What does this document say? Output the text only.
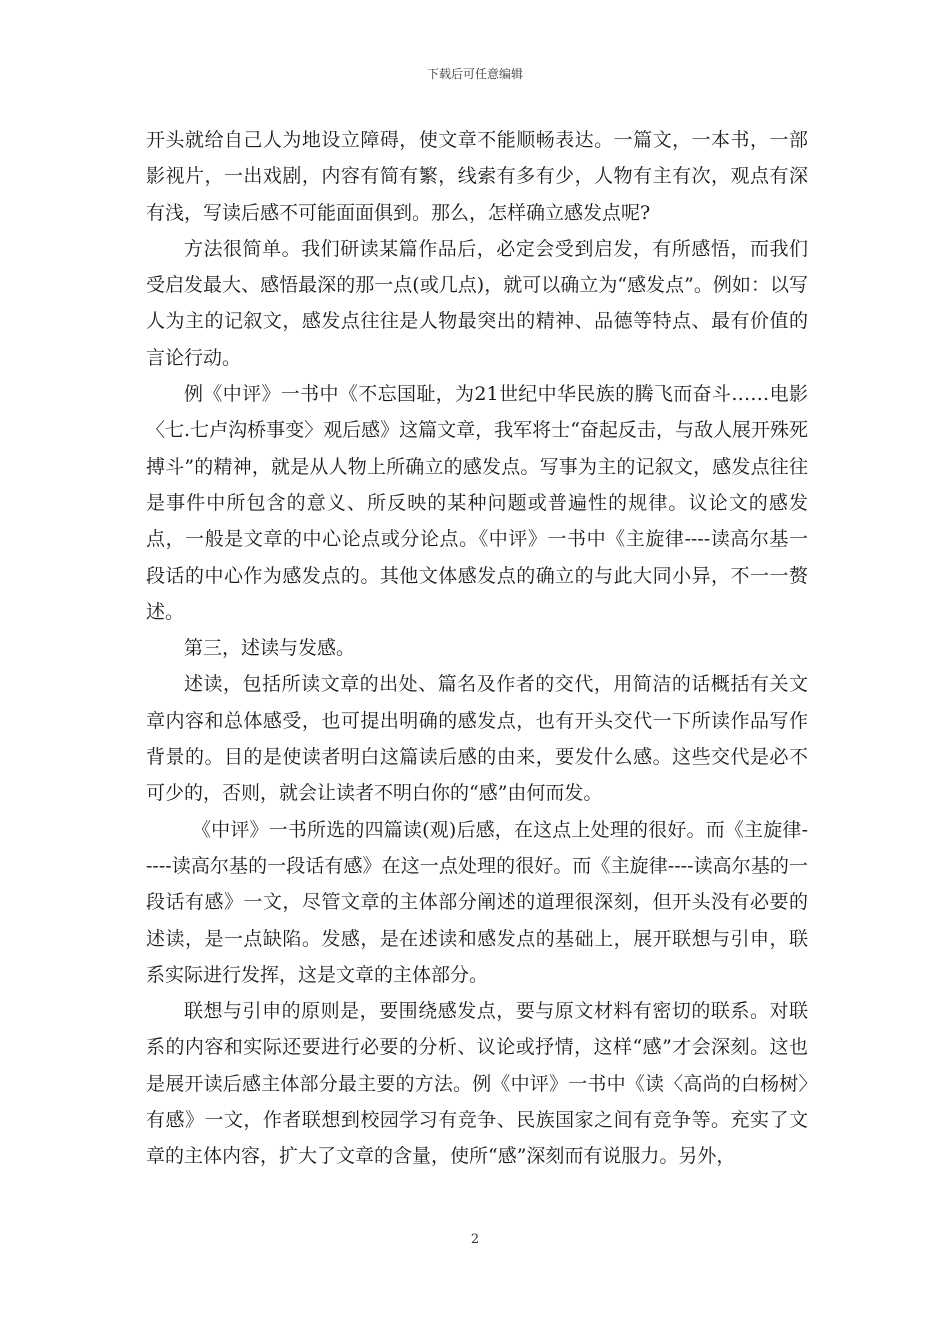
下载后可任意编辑

开头就给自己人为地设立障碍，使文章不能顺畅表达。一篇文，一本书，一部影视片，一出戏剧，内容有简有繁，线索有多有少，人物有主有次，观点有深有浅，写读后感不可能面面俱到。那么，怎样确立感发点呢?

方法很简单。我们研读某篇作品后，必定会受到启发，有所感悟，而我们受启发最大、感悟最深的那一点(或几点)，就可以确立为“感发点”。例如：以写人为主的记叙文，感发点往往是人物最突出的精神、品德等特点、最有价值的言论行动。

例《中评》一书中《不忘国耻，为21世纪中华民族的腾飞而奋斗……电影〈七.七卢沟桥事变〉观后感》这篇文章，我军将士“奋起反击，与敌人展开殊死搏斗”的精神，就是从人物上所确立的感发点。写事为主的记叙文，感发点往往是事件中所包含的意义、所反映的某种问题或普遍性的规律。议论文的感发点，一般是文章的中心论点或分论点。《中评》一书中《主旋律----读高尔基一段话的中心作为感发点的。其他文体感发点的确立的与此大同小异，不一一赘述。

第三，述读与发感。

述读，包括所读文章的出处、篇名及作者的交代，用简洁的话概括有关文章内容和总体感受，也可提出明确的感发点，也有开头交代一下所读作品写作背景的。目的是使读者明白这篇读后感的由来，要发什么感。这些交代是必不可少的，否则，就会让读者不明白你的“感”由何而发。

《中评》一书所选的四篇读(观)后感，在这点上处理的很好。而《主旋律-----读高尔基的一段话有感》在这一点处理的很好。而《主旋律----读高尔基的一段话有感》一文，尽管文章的主体部分阐述的道理很深刻，但开头没有必要的述读，是一点缺陷。发感，是在述读和感发点的基础上，展开联想与引申，联系实际进行发挥，这是文章的主体部分。

联想与引申的原则是，要围绕感发点，要与原文材料有密切的联系。对联系的内容和实际还要进行必要的分析、议论或抒情，这样“感”才会深刻。这也是展开读后感主体部分最主要的方法。例《中评》一书中《读〈高尚的白杨树〉有感》一文，作者联想到校园学习有竞争、民族国家之间有竞争等。充实了文章的主体内容，扩大了文章的含量，使所“感”深刻而有说服力。另外，

2
